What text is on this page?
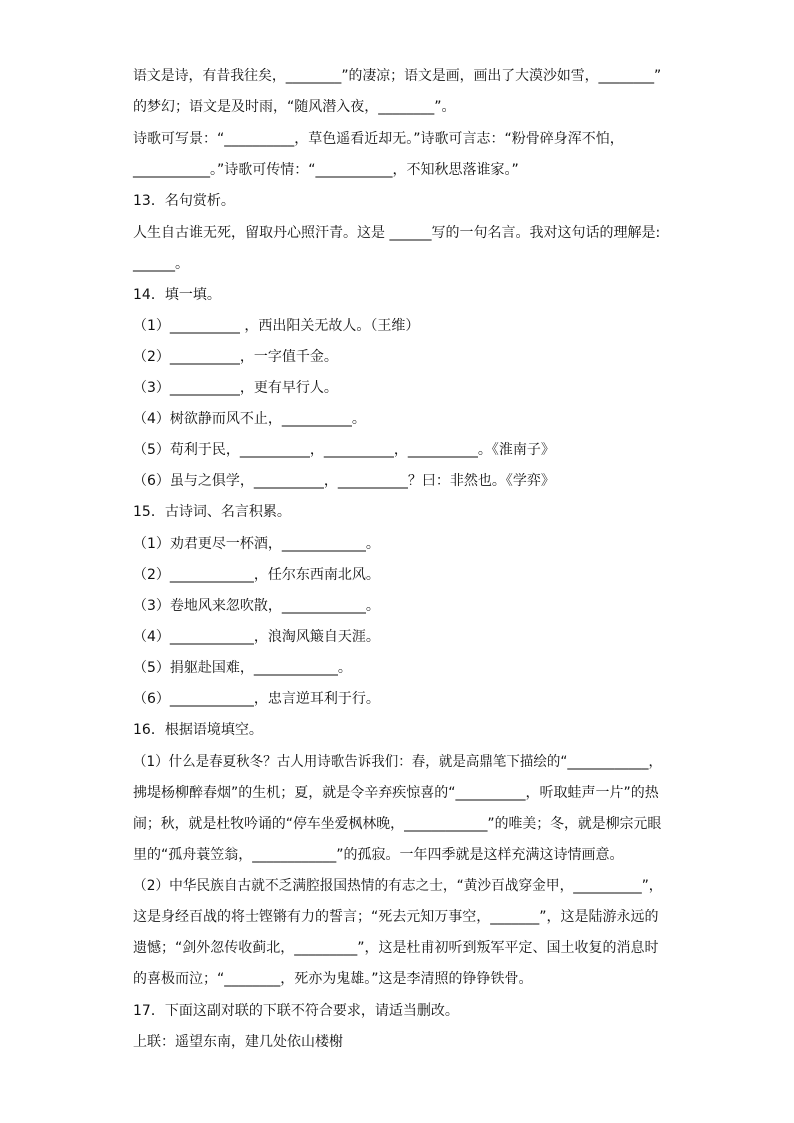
语文是诗，有昔我往矣，________”的凄凉；语文是画，画出了大漠沙如雪，________”
的梦幻；语文是及时雨，“随风潜入夜，________”。
诗歌可写景：“__________，草色遥看近却无。”诗歌可言志：“粉骨碎身浑不怕，
___________。”诗歌可传情：“___________，不知秋思落谁家。”
13．名句赏析。
人生自古谁无死，留取丹心照汗青。这是 ______写的一句名言。我对这句话的理解是:
______。
14．填一填。
（1）__________ ，西出阳关无故人。（王维）
（2）__________，一字值千金。
（3）__________，更有早行人。
（4）树欲静而风不止，__________。
（5）苟利于民，__________，__________，__________。《淮南子》
（6）虽与之俱学，__________，__________？曰：非然也。《学弈》
15．古诗词、名言积累。
（1）劝君更尽一杯酒，____________。
（2）____________，任尔东西南北风。
（3）卷地风来忽吹散，____________。
（4）____________，浪淘风簸自天涯。
（5）捐躯赴国难，____________。
（6）____________，忠言逆耳利于行。
16．根据语境填空。
（1）什么是春夏秋冬？古人用诗歌告诉我们：春，就是高鼎笔下描绘的“____________，
拂堤杨柳醉春烟”的生机；夏，就是令辛弃疾惊喜的“__________，听取蛙声一片”的热
闹；秋，就是杜牧吟诵的“停车坐爱枫林晚，____________”的唯美；冬，就是柳宗元眼
里的“孤舟蓑笠翁，____________”的孤寂。一年四季就是这样充满这诗情画意。
（2）中华民族自古就不乏满腔报国热情的有志之士，“黄沙百战穿金甲，__________”，
这是身经百战的将士铿锵有力的誓言；“死去元知万事空，_______”，这是陆游永远的
遗憾；“剑外忽传收蓟北，_________”，这是杜甫初听到叛军平定、国土收复的消息时
的喜极而泣；“________，死亦为鬼雄。”这是李清照的铮铮铁骨。
17．下面这副对联的下联不符合要求，请适当删改。
上联：遥望东南，建几处依山楼榭
